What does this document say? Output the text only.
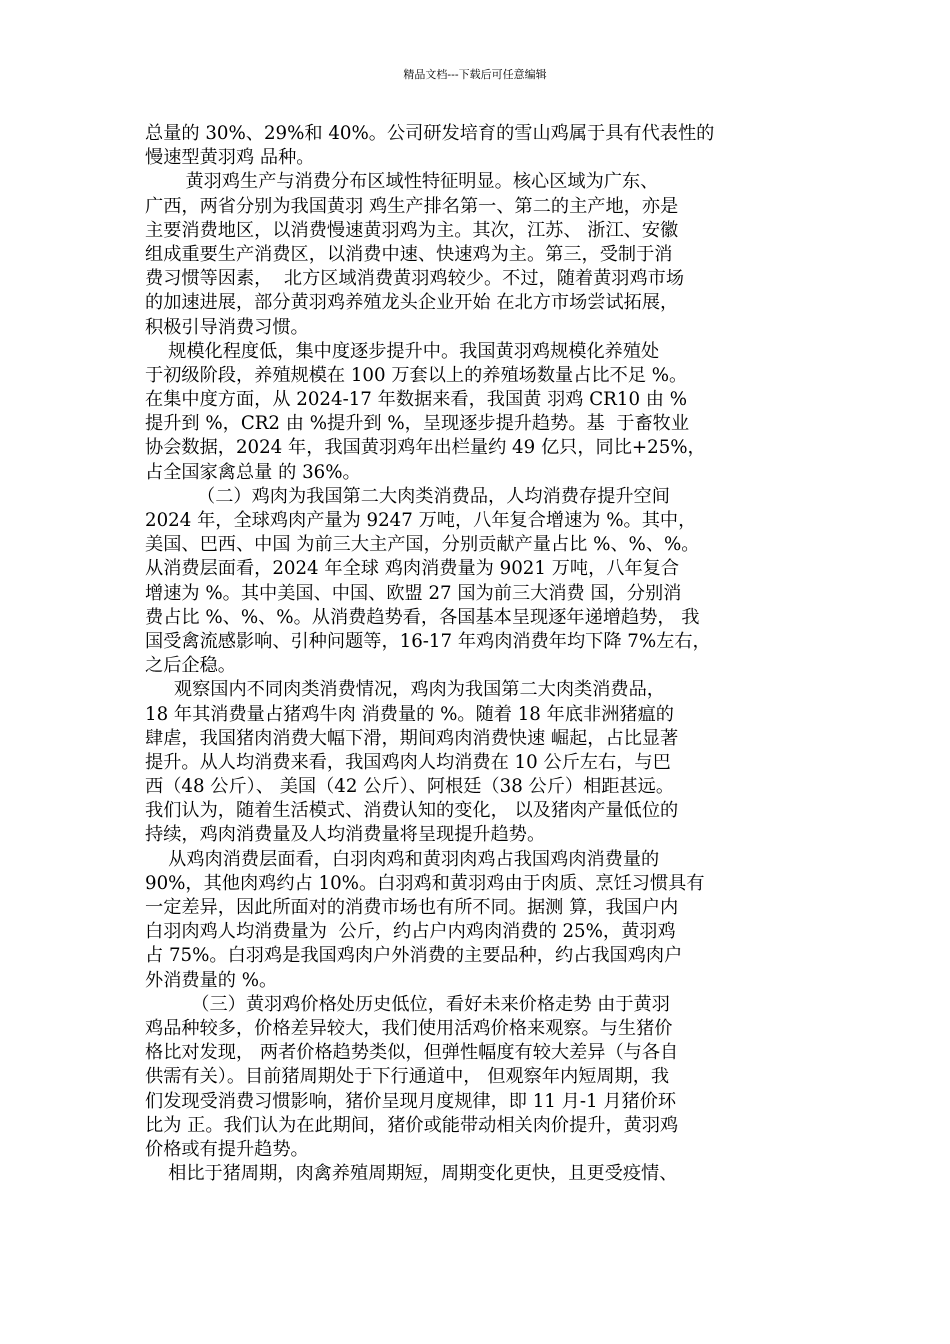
精品文档---下载后可任意编辑
总量的 30%、29%和 40%。公司研发培育的雪山鸡属于具有代表性的
慢速型黄羽鸡 品种。
黄羽鸡生产与消费分布区域性特征明显。核心区域为广东、
广西，两省分别为我国黄羽 鸡生产排名第一、第二的主产地，亦是
主要消费地区，以消费慢速黄羽鸡为主。其次，江苏、 浙江、安徽
组成重要生产消费区，以消费中速、快速鸡为主。第三，受制于消
费习惯等因素，  北方区域消费黄羽鸡较少。不过，随着黄羽鸡市场
的加速进展，部分黄羽鸡养殖龙头企业开始 在北方市场尝试拓展，
积极引导消费习惯。
规模化程度低，集中度逐步提升中。我国黄羽鸡规模化养殖处
于初级阶段，养殖规模在 100 万套以上的养殖场数量占比不足 %。
在集中度方面，从 2024-17 年数据来看，我国黄 羽鸡 CR10 由 %
提升到 %，CR2 由 %提升到 %，呈现逐步提升趋势。基  于畜牧业
协会数据，2024 年，我国黄羽鸡年出栏量约 49 亿只，同比+25%，
占全国家禽总量 的 36%。
（二）鸡肉为我国第二大肉类消费品，人均消费存提升空间
2024 年，全球鸡肉产量为 9247 万吨，八年复合增速为 %。其中，
美国、巴西、中国 为前三大主产国，分别贡献产量占比 %、%、%。
从消费层面看，2024 年全球 鸡肉消费量为 9021 万吨，八年复合
增速为 %。其中美国、中国、欧盟 27 国为前三大消费 国，分别消
费占比 %、%、%。从消费趋势看，各国基本呈现逐年递增趋势， 我
国受禽流感影响、引种问题等，16-17 年鸡肉消费年均下降 7%左右，
之后企稳。
观察国内不同肉类消费情况，鸡肉为我国第二大肉类消费品，
18 年其消费量占猪鸡牛肉 消费量的 %。随着 18 年底非洲猪瘟的
肆虐，我国猪肉消费大幅下滑，期间鸡肉消费快速 崛起，占比显著
提升。从人均消费来看，我国鸡肉人均消费在 10 公斤左右，与巴
西（48 公斤）、 美国（42 公斤）、阿根廷（38 公斤）相距甚远。
我们认为，随着生活模式、消费认知的变化， 以及猪肉产量低位的
持续，鸡肉消费量及人均消费量将呈现提升趋势。
从鸡肉消费层面看，白羽肉鸡和黄羽肉鸡占我国鸡肉消费量的
90%，其他肉鸡约占 10%。白羽鸡和黄羽鸡由于肉质、烹饪习惯具有
一定差异，因此所面对的消费市场也有所不同。据测 算，我国户内
白羽肉鸡人均消费量为  公斤，约占户内鸡肉消费的 25%，黄羽鸡
占 75%。白羽鸡是我国鸡肉户外消费的主要品种，约占我国鸡肉户
外消费量的 %。
（三）黄羽鸡价格处历史低位，看好未来价格走势 由于黄羽
鸡品种较多，价格差异较大，我们使用活鸡价格来观察。与生猪价
格比对发现， 两者价格趋势类似，但弹性幅度有较大差异（与各自
供需有关）。目前猪周期处于下行通道中， 但观察年内短周期，我
们发现受消费习惯影响，猪价呈现月度规律，即 11 月-1 月猪价环
比为 正。我们认为在此期间，猪价或能带动相关肉价提升，黄羽鸡
价格或有提升趋势。
相比于猪周期，肉禽养殖周期短，周期变化更快，且更受疫情、
